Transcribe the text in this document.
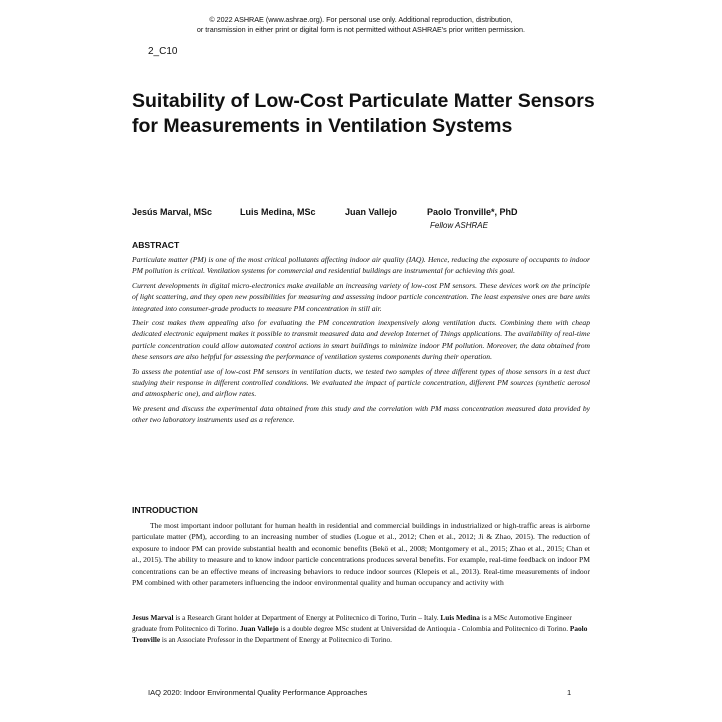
© 2022 ASHRAE (www.ashrae.org). For personal use only. Additional reproduction, distribution,
or transmission in either print or digital form is not permitted without ASHRAE's prior written permission.
2_C10
Suitability of Low-Cost Particulate Matter Sensors for Measurements in Ventilation Systems
Jesús Marval, MSc	Luis Medina, MSc	Juan Vallejo	Paolo Tronville*, PhD
Fellow ASHRAE
ABSTRACT

Particulate matter (PM) is one of the most critical pollutants affecting indoor air quality (IAQ). Hence, reducing the exposure of occupants to indoor PM pollution is critical. Ventilation systems for commercial and residential buildings are instrumental for achieving this goal.

Current developments in digital micro-electronics make available an increasing variety of low-cost PM sensors. These devices work on the principle of light scattering, and they open new possibilities for measuring and assessing indoor particle concentration. The least expensive ones are bare units integrated into consumer-grade products to measure PM concentration in still air.

Their cost makes them appealing also for evaluating the PM concentration inexpensively along ventilation ducts. Combining them with cheap dedicated electronic equipment makes it possible to transmit measured data and develop Internet of Things applications. The availability of real-time particle concentration could allow automated control actions in smart buildings to minimize indoor PM pollution. Moreover, the data obtained from these sensors are also helpful for assessing the performance of ventilation systems components during their operation.

To assess the potential use of low-cost PM sensors in ventilation ducts, we tested two samples of three different types of those sensors in a test duct studying their response in different controlled conditions. We evaluated the impact of particle concentration, different PM sources (synthetic aerosol and atmospheric one), and airflow rates.

We present and discuss the experimental data obtained from this study and the correlation with PM mass concentration measured data provided by other two laboratory instruments used as a reference.

INTRODUCTION

The most important indoor pollutant for human health in residential and commercial buildings in industrialized or high-traffic areas is airborne particulate matter (PM), according to an increasing number of studies (Logue et al., 2012; Chen et al., 2012; Ji & Zhao, 2015). The reduction of exposure to indoor PM can provide substantial health and economic benefits (Bekö et al., 2008; Montgomery et al., 2015; Zhao et al., 2015; Chan et al., 2015). The ability to measure and to know indoor particle concentrations produces several benefits. For example, real-time feedback on indoor PM concentrations can be an effective means of increasing behaviors to reduce indoor sources (Klepeis et al., 2013). Real-time measurements of indoor PM combined with other parameters influencing the indoor environmental quality and human occupancy and activity with

Jesus Marval is a Research Grant holder at Department of Energy at Politecnico di Torino, Turin – Italy. Luis Medina is a MSc Automotive Engineer graduate from Politecnico di Torino. Juan Vallejo is a double degree MSc student at Universidad de Antioquia - Colombia and Politecnico di Torino. Paolo Tronville is an Associate Professor in the Department of Energy at Politecnico di Torino.
IAQ 2020: Indoor Environmental Quality Performance Approaches	1
